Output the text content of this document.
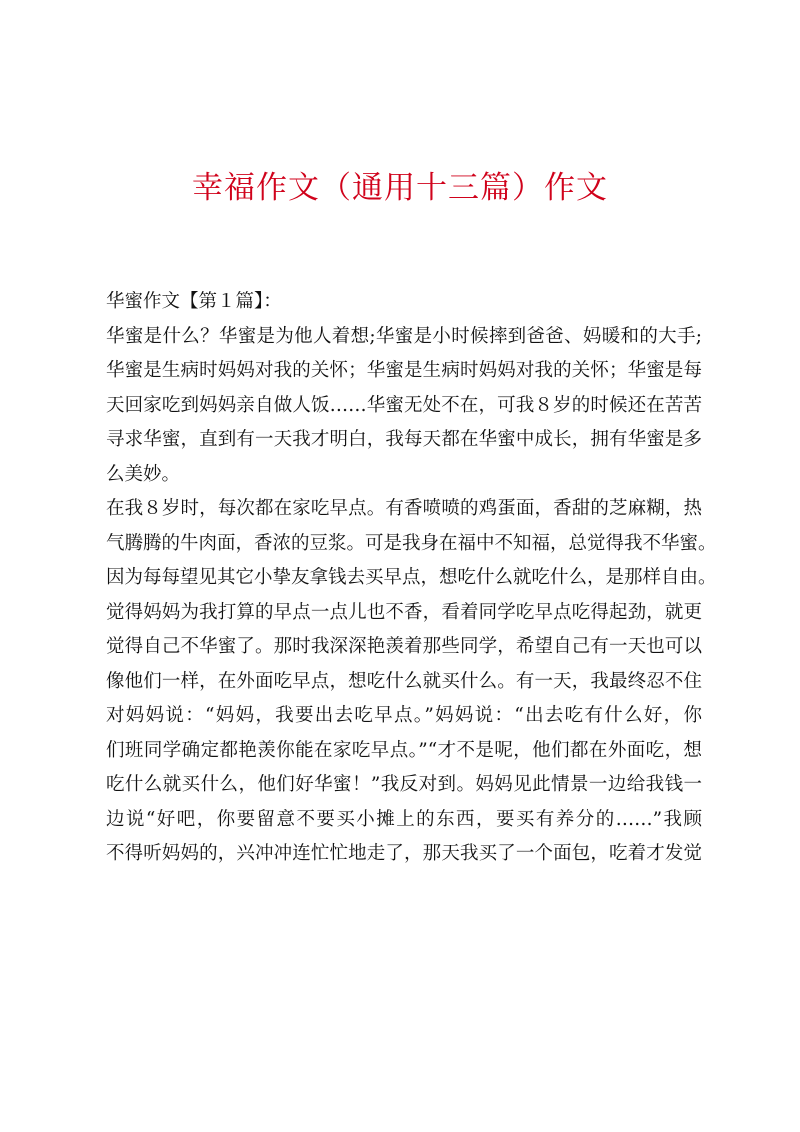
幸福作文（通用十三篇）作文
华蜜作文【第１篇】：
华蜜是什么？华蜜是为他人着想;华蜜是小时候摔到爸爸、妈暖和的大手;
华蜜是生病时妈妈对我的关怀；华蜜是生病时妈妈对我的关怀；华蜜是每
天回家吃到妈妈亲自做人饭……华蜜无处不在，可我８岁的时候还在苦苦
寻求华蜜，直到有一天我才明白，我每天都在华蜜中成长，拥有华蜜是多
么美妙。
在我８岁时，每次都在家吃早点。有香喷喷的鸡蛋面，香甜的芝麻糊，热
气腾腾的牛肉面，香浓的豆浆。可是我身在福中不知福，总觉得我不华蜜。
因为每每望见其它小挚友拿钱去买早点，想吃什么就吃什么，是那样自由。
觉得妈妈为我打算的早点一点儿也不香，看着同学吃早点吃得起劲，就更
觉得自己不华蜜了。那时我深深艳羡着那些同学，希望自己有一天也可以
像他们一样，在外面吃早点，想吃什么就买什么。有一天，我最终忍不住
对妈妈说：“妈妈，我要出去吃早点。”妈妈说：“出去吃有什么好，你
们班同学确定都艳羡你能在家吃早点。”“才不是呢，他们都在外面吃，想
吃什么就买什么，他们好华蜜！”我反对到。妈妈见此情景一边给我钱一
边说“好吧，你要留意不要买小摊上的东西，要买有养分的……”我顾
不得听妈妈的，兴冲冲连忙忙地走了，那天我买了一个面包，吃着才发觉
